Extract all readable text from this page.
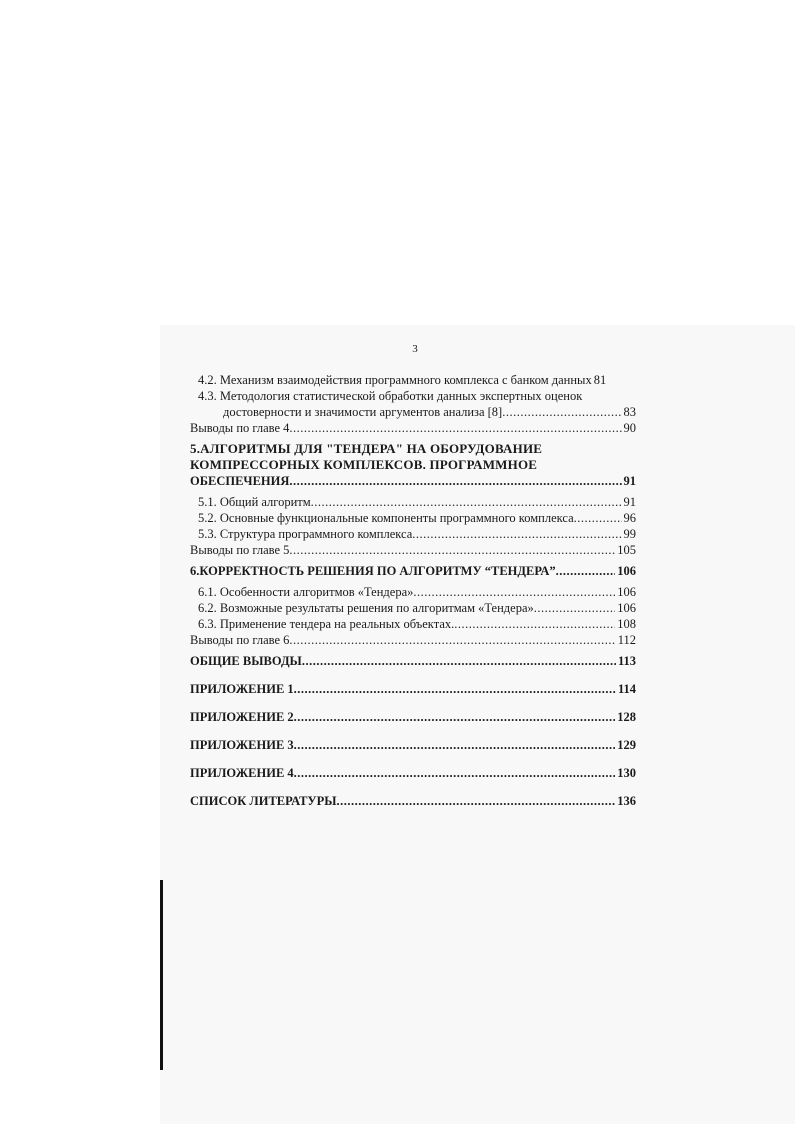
3
4.2. Механизм взаимодействия программного комплекса с банком данных 81
4.3. Методология статистической обработки данных экспертных оценок
достоверности и значимости аргументов анализа [8] .....	83
Выводы по главе 4 .....	90
5.АЛГОРИТМЫ ДЛЯ "ТЕНДЕРА" НА ОБОРУДОВАНИЕ
КОМПРЕССОРНЫХ КОМПЛЕКСОВ. ПРОГРАММНОЕ
ОБЕСПЕЧЕНИЯ .....	91
5.1. Общий алгоритм .....	91
5.2. Основные функциональные компоненты программного комплекса .....	96
5.3. Структура программного комплекса .....	99
Выводы по главе 5 .....	105
6.КОРРЕКТНОСТЬ РЕШЕНИЯ ПО АЛГОРИТМУ “ТЕНДЕРА” .....	106
6.1. Особенности алгоритмов «Тендера» .....	106
6.2. Возможные результаты решения по алгоритмам «Тендера» .....	106
6.3. Применение тендера на реальных объектах. .....	108
Выводы по главе 6 .....	112
ОБЩИЕ ВЫВОДЫ .....	113
ПРИЛОЖЕНИЕ 1 .....	114
ПРИЛОЖЕНИЕ 2 .....	128
ПРИЛОЖЕНИЕ 3 .....	129
ПРИЛОЖЕНИЕ 4 .....	130
СПИСОК ЛИТЕРАТУРЫ .....	136
